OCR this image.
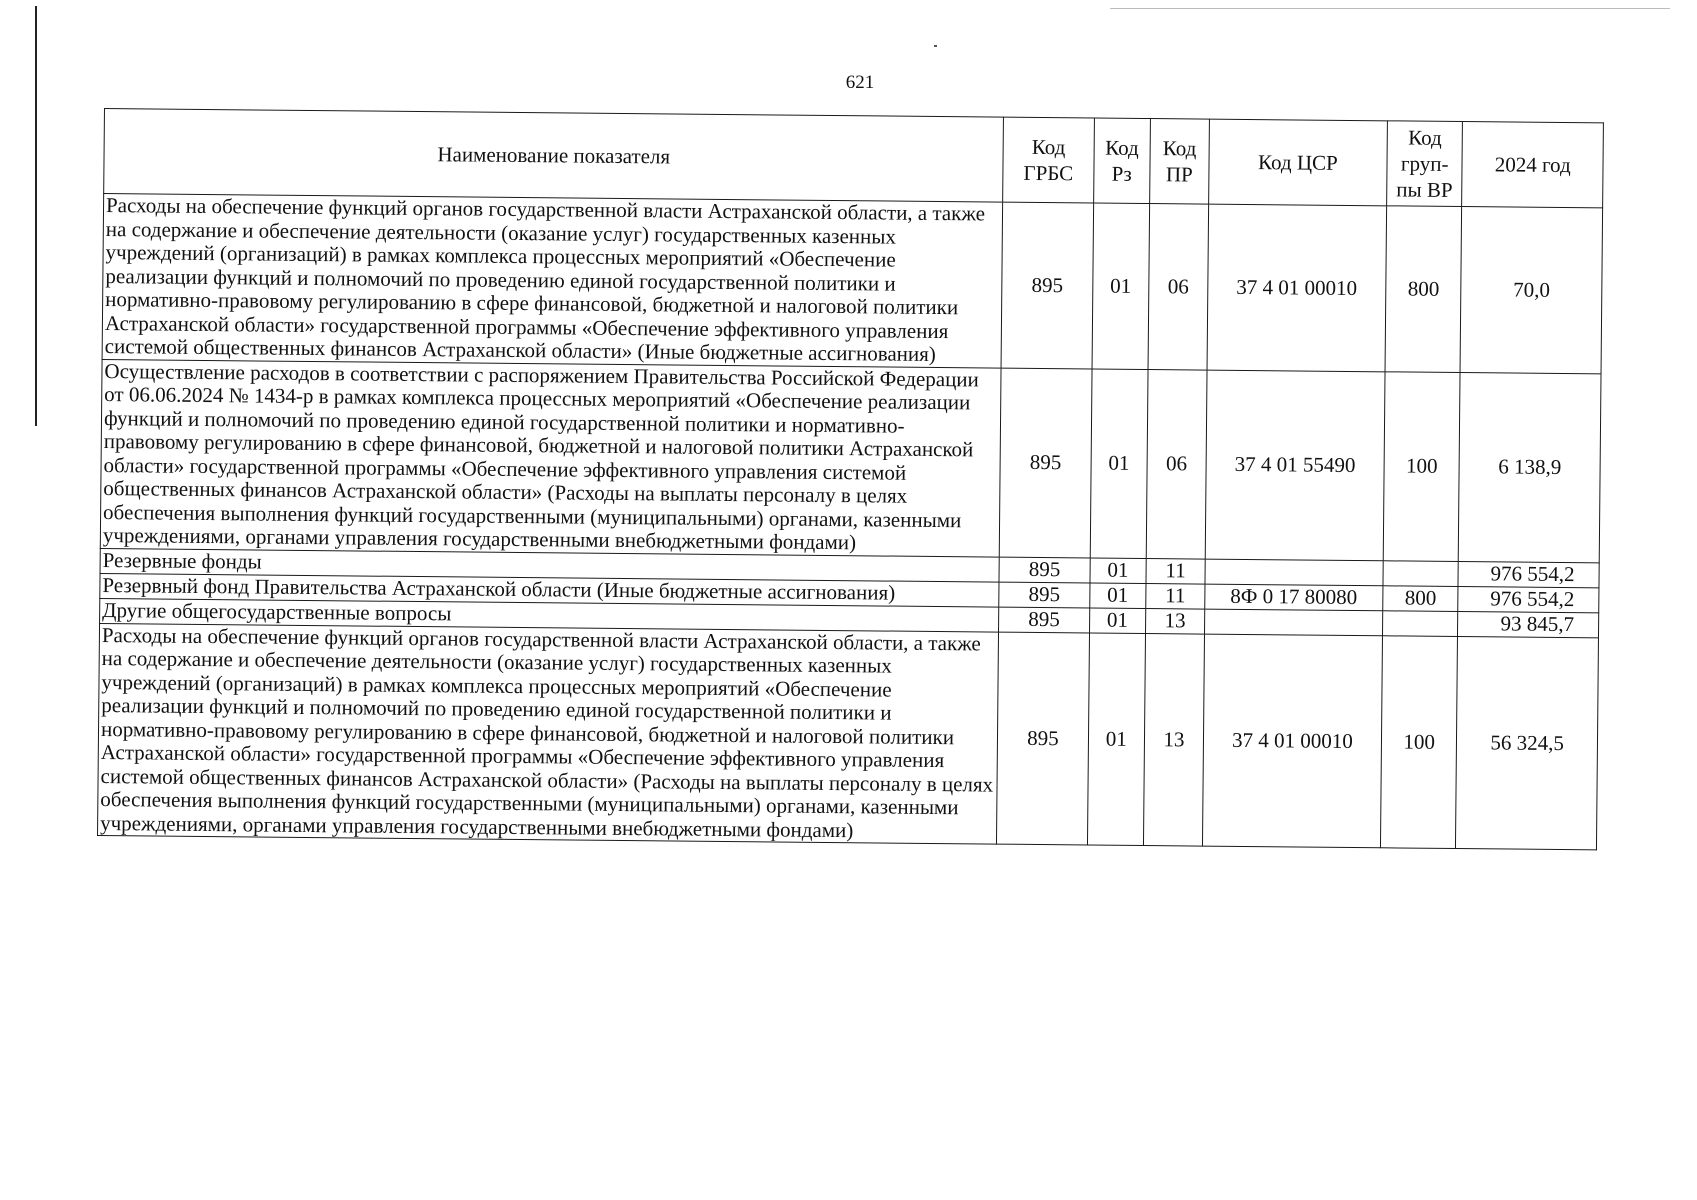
621
Наименование показателя	Код ГРБС	Код Рз	Код ПР	Код ЦСР	Код груп-пы ВР	2024 год
Расходы на обеспечение функций органов государственной власти Астраханской области, а также на содержание и обеспечение деятельности (оказание услуг) государственных казенных учреждений (организаций) в рамках комплекса процессных мероприятий «Обеспечение реализации функций и полномочий по проведению единой государственной политики и нормативно-правовому регулированию в сфере финансовой, бюджетной и налоговой политики Астраханской области» государственной программы «Обеспечение эффективного управления системой общественных финансов Астраханской области» (Иные бюджетные ассигнования)	895	01	06	37 4 01 00010	800	70,0
Осуществление расходов в соответствии с распоряжением Правительства Российской Федерации от 06.06.2024 № 1434-р в рамках комплекса процессных мероприятий «Обеспечение реализации функций и полномочий по проведению единой государственной политики и нормативно-правовому регулированию в сфере финансовой, бюджетной и налоговой политики Астраханской области» государственной программы «Обеспечение эффективного управления системой общественных финансов Астраханской области» (Расходы на выплаты персоналу в целях обеспечения выполнения функций государственными (муниципальными) органами, казенными учреждениями, органами управления государственными внебюджетными фондами)	895	01	06	37 4 01 55490	100	6 138,9
Резервные фонды	895	01	11			976 554,2
Резервный фонд Правительства Астраханской области (Иные бюджетные ассигнования)	895	01	11	8Ф 0 17 80080	800	976 554,2
Другие общегосударственные вопросы	895	01	13			93 845,7
Расходы на обеспечение функций органов государственной власти Астраханской области, а также на содержание и обеспечение деятельности (оказание услуг) государственных казенных учреждений (организаций) в рамках комплекса процессных мероприятий «Обеспечение реализации функций и полномочий по проведению единой государственной политики и нормативно-правовому регулированию в сфере финансовой, бюджетной и налоговой политики Астраханской области» государственной программы «Обеспечение эффективного управления системой общественных финансов Астраханской области» (Расходы на выплаты персоналу в целях обеспечения выполнения функций государственными (муниципальными) органами, казенными учреждениями, органами управления государственными внебюджетными фондами)	895	01	13	37 4 01 00010	100	56 324,5
